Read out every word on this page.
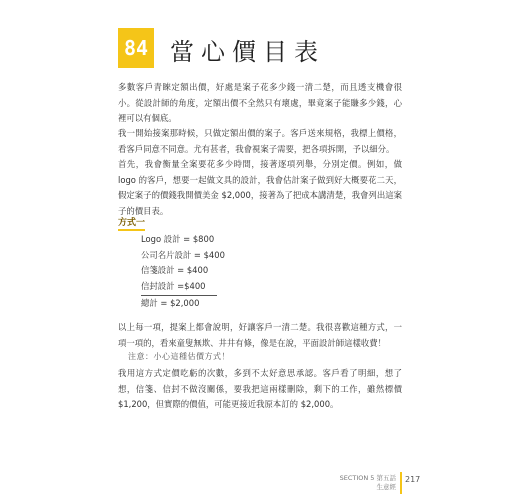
84 當心價目表

多數客戶青睞定額出價，好處是案子花多少錢一清二楚，而且透支機會很小。從設計師的角度，定額出價不全然只有壞處，畢竟案子能賺多少錢，心裡可以有個底。

我一開始接案那時候，只做定額出價的案子。客戶送來規格，我標上價格，看客戶同意不同意。尤有甚者，我會視案子需要，把各項拆開，予以細分。

首先，我會衡量全案要花多少時間，接著逐項列舉，分別定價。例如，做 logo 的客戶，想要一起做文具的設計，我會估計案子做到好大概要花二天，假定案子的價錢我開價美金 $2,000，接著為了把成本講清楚，我會列出這案子的價目表。

方式一
Logo 設計 = $800
公司名片設計 = $400
信箋設計 = $400
信封設計 =$400
總計 = $2,000

以上每一項，提案上都會說明，好讓客戶一清二楚。我很喜歡這種方式，一項一項的，看來童叟無欺、井井有條，像是在說，平面設計師這樣收費！

注意：小心這種估價方式！

我用這方式定價吃虧的次數，多到不太好意思承認。客戶看了明細，想了想，信箋、信封不做沒關係，要我把這兩樣刪除，剩下的工作，雖然標價 $1,200，但實際的價值，可能更接近我原本訂的 $2,000。

SECTION 5 第五話
生意經
217
